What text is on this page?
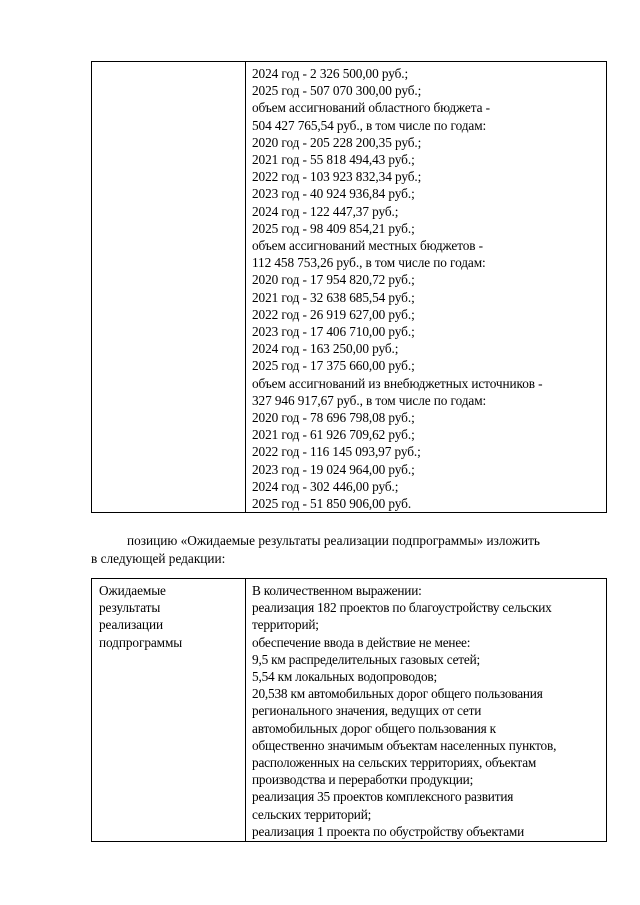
2024 год - 2 326 500,00 руб.;
2025 год - 507 070 300,00 руб.;
объем ассигнований областного бюджета -
504 427 765,54 руб., в том числе по годам:
2020 год - 205 228 200,35 руб.;
2021 год - 55 818 494,43 руб.;
2022 год - 103 923 832,34 руб.;
2023 год - 40 924 936,84 руб.;
2024 год - 122 447,37 руб.;
2025 год - 98 409 854,21 руб.;
объем ассигнований местных бюджетов -
112 458 753,26 руб., в том числе по годам:
2020 год - 17 954 820,72 руб.;
2021 год - 32 638 685,54 руб.;
2022 год - 26 919 627,00 руб.;
2023 год - 17 406 710,00 руб.;
2024 год - 163 250,00 руб.;
2025 год - 17 375 660,00 руб.;
объем ассигнований из внебюджетных источников -
327 946 917,67 руб., в том числе по годам:
2020 год - 78 696 798,08 руб.;
2021 год - 61 926 709,62 руб.;
2022 год - 116 145 093,97 руб.;
2023 год - 19 024 964,00 руб.;
2024 год - 302 446,00 руб.;
2025 год - 51 850 906,00 руб.
позицию «Ожидаемые результаты реализации подпрограммы» изложить
в следующей редакции:
Ожидаемые
результаты
реализации
подпрограммы
В количественном выражении:
реализация 182 проектов по благоустройству сельских
территорий;
обеспечение ввода в действие не менее:
9,5 км распределительных газовых сетей;
5,54 км локальных водопроводов;
20,538 км автомобильных дорог общего пользования
регионального значения, ведущих от сети
автомобильных дорог общего пользования к
общественно значимым объектам населенных пунктов,
расположенных на сельских территориях, объектам
производства и переработки продукции;
реализация 35 проектов комплексного развития
сельских территорий;
реализация 1 проекта по обустройству объектами
